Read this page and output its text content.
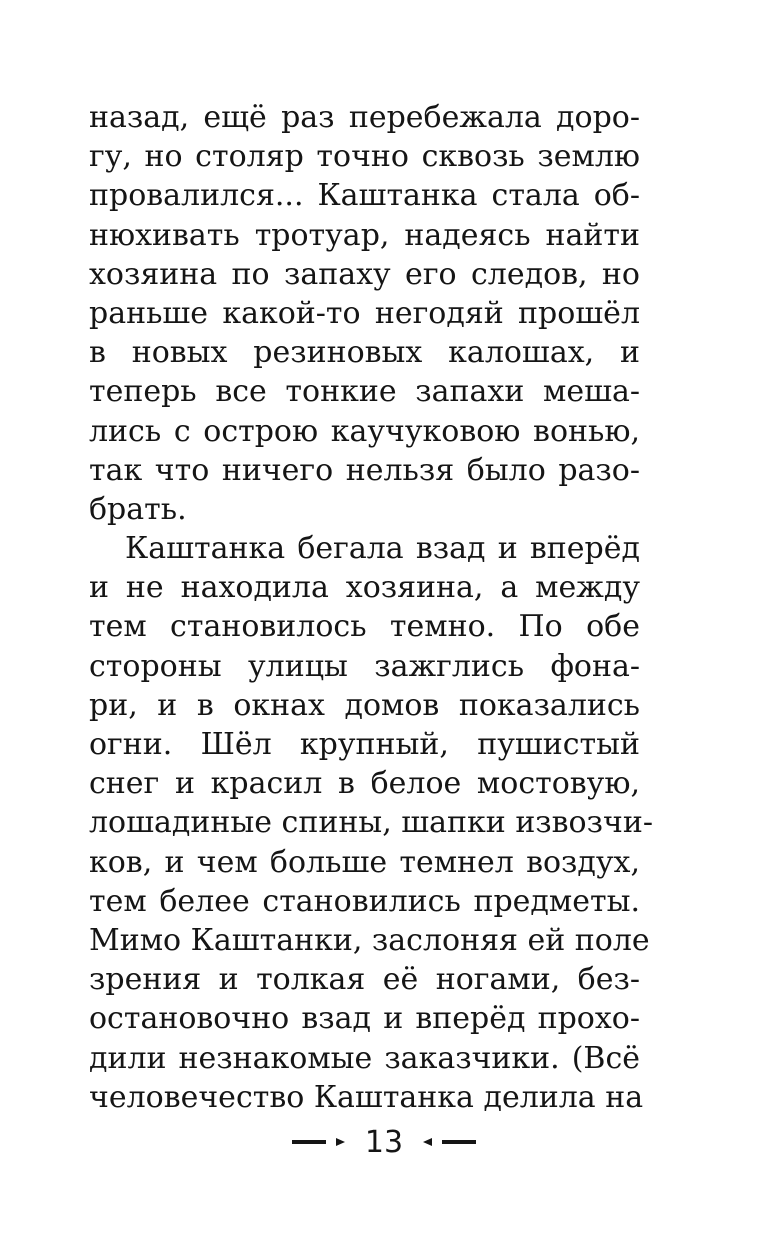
назад, ещё раз перебежала доро-
гу, но столяр точно сквозь землю
провалился... Каштанка стала об-
нюхивать тротуар, надеясь найти
хозяина по запаху его следов, но
раньше какой-то негодяй прошёл
в новых резиновых калошах, и
теперь все тонкие запахи меша-
лись с острою каучуковою вонью,
так что ничего нельзя было разо-
брать.
Каштанка бегала взад и вперёд
и не находила хозяина, а между
тем становилось темно. По обе
стороны улицы зажглись фона-
ри, и в окнах домов показались
огни. Шёл крупный, пушистый
снег и красил в белое мостовую,
лошадиные спины, шапки извозчи-
ков, и чем больше темнел воздух,
тем белее становились предметы.
Мимо Каштанки, заслоняя ей поле
зрения и толкая её ногами, без-
остановочно взад и вперёд прохо-
дили незнакомые заказчики. (Всё
человечество Каштанка делила на
13
